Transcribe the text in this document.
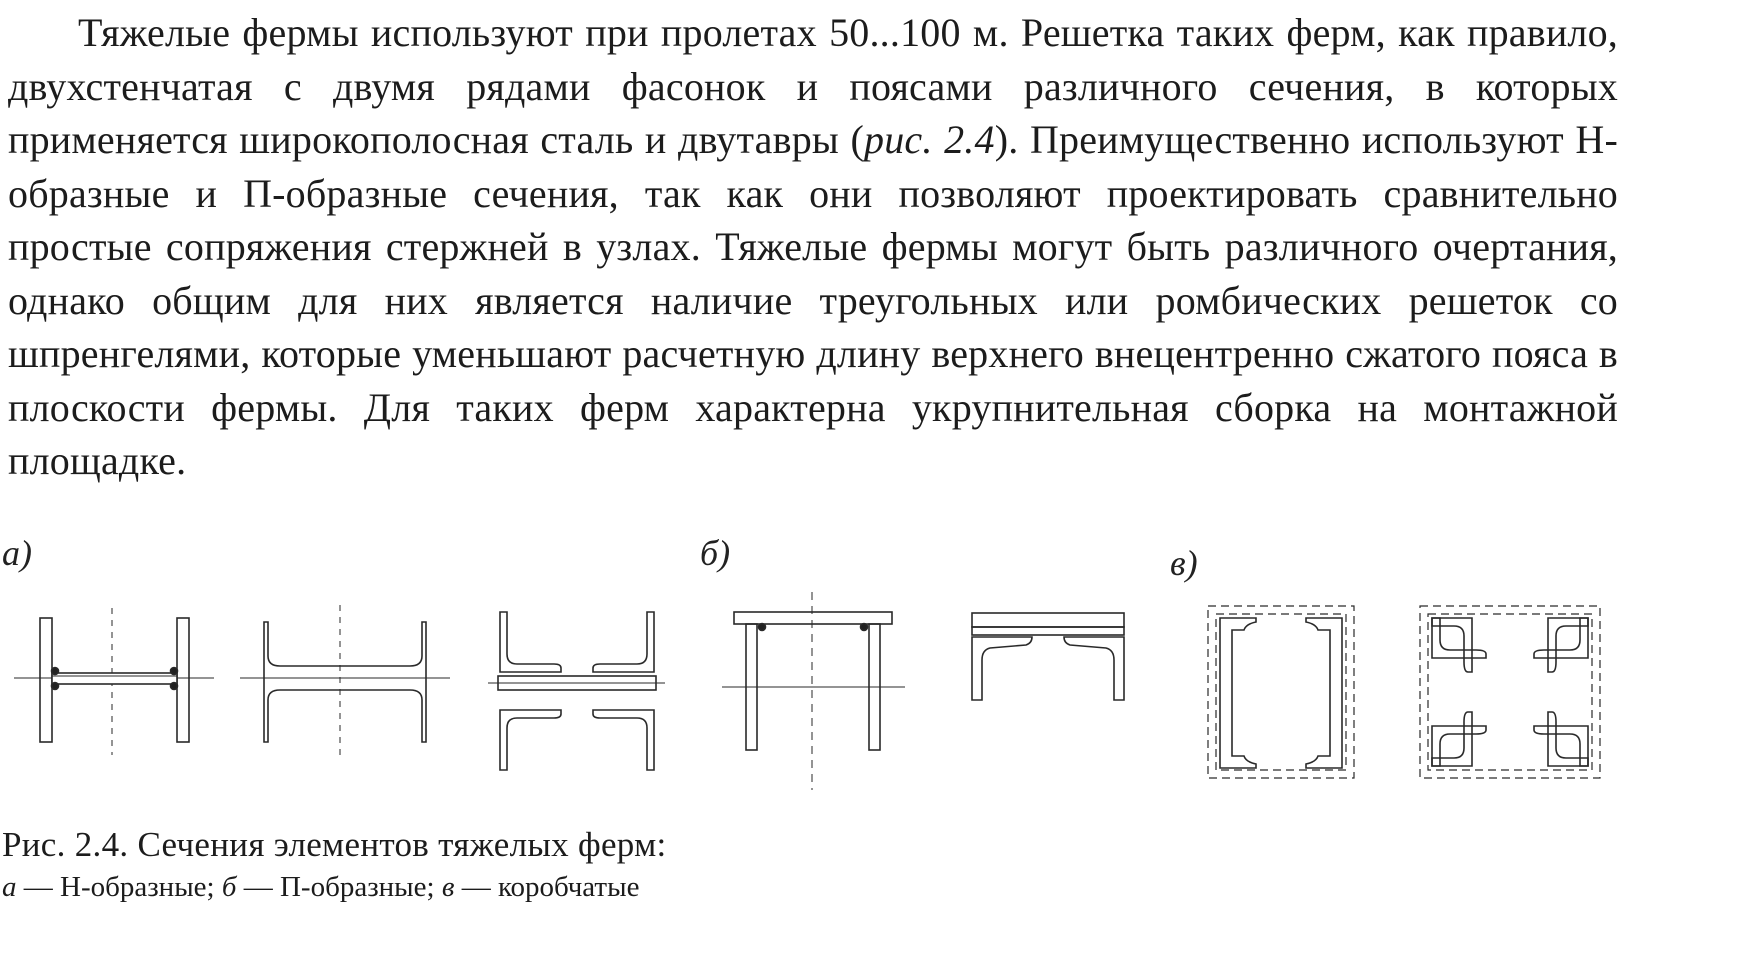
Тяжелые фермы используют при пролетах 50...100 м. Решетка таких ферм, как правило, двухстенчатая с двумя рядами фасонок и поясами различного сечения, в которых применяется широкополосная сталь и двутавры (рис. 2.4). Преимущественно используют Н-образные и П-образные сечения, так как они позволяют проектировать сравнительно простые сопряжения стержней в узлах. Тяжелые фермы могут быть различного очертания, однако общим для них является наличие треугольных или ромбических решеток со шпренгелями, которые уменьшают расчетную длину верхнего внецентренно сжатого пояса в плоскости фермы. Для таких ферм характерна укрупнительная сборка на монтажной площадке.

а)	б)	в)

Рис. 2.4. Сечения элементов тяжелых ферм:

а — Н-образные; б — П-образные; в — коробчатые
